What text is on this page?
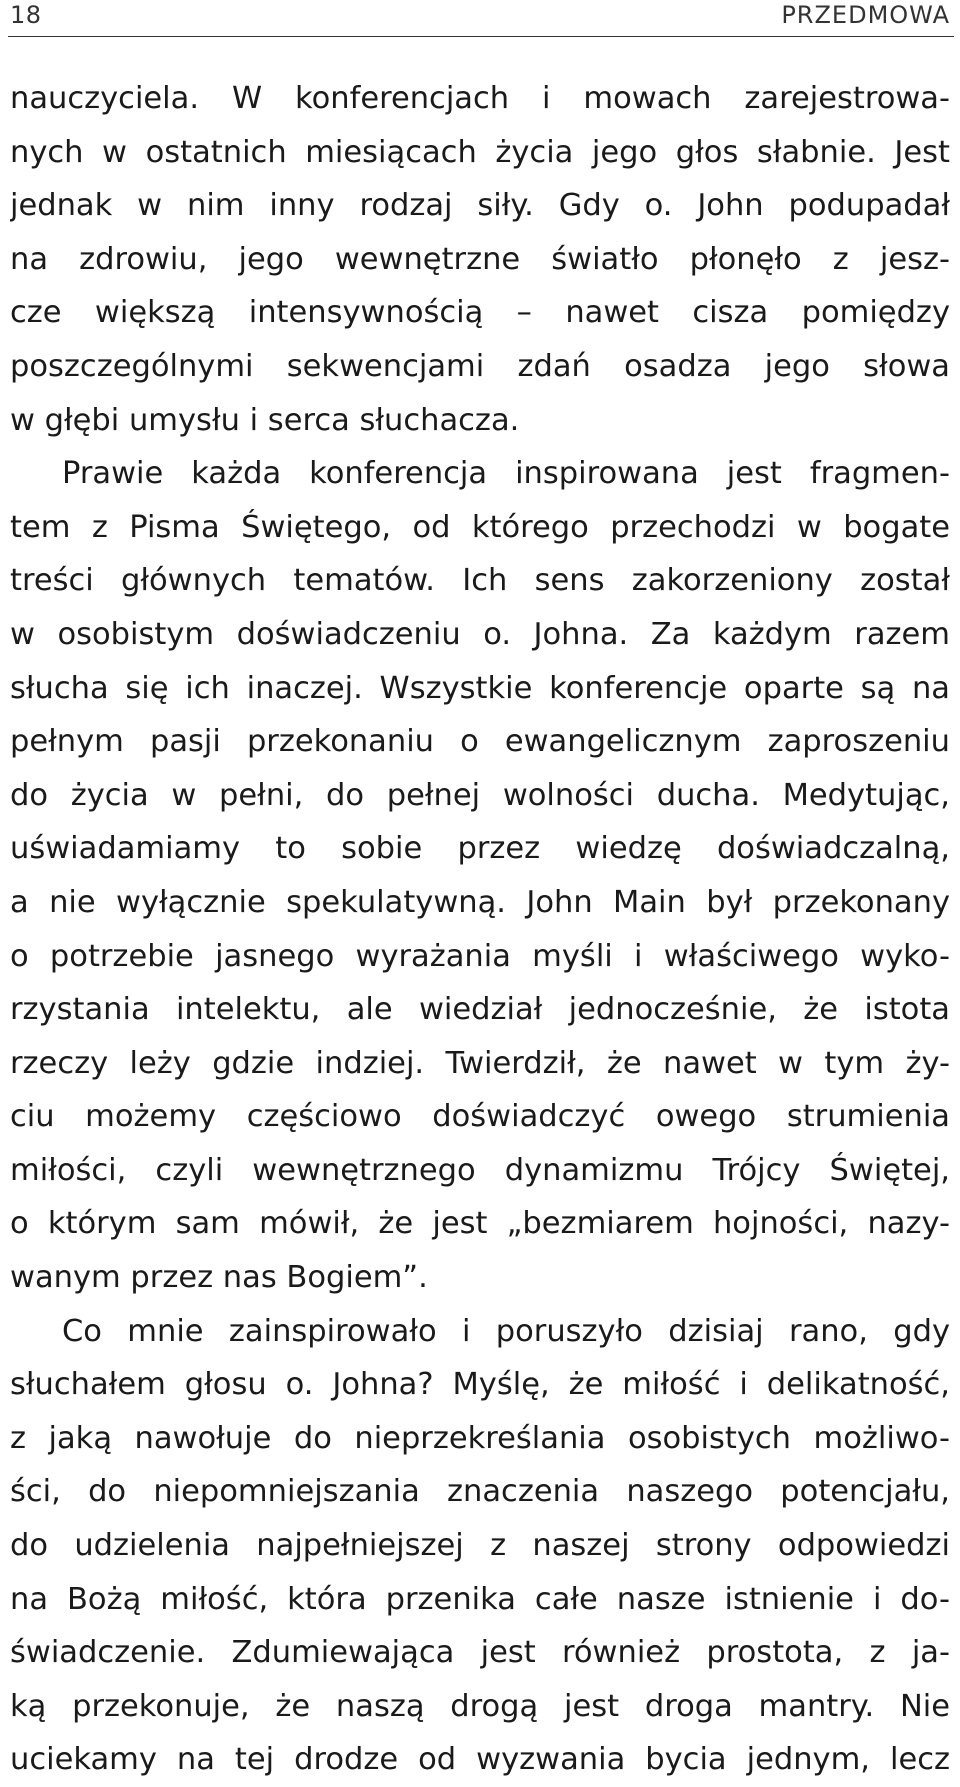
18	PRZEDMOWA
nauczyciela. W konferencjach i mowach zarejestrowa-
nych w ostatnich miesiącach życia jego głos słabnie. Jest
jednak w nim inny rodzaj siły. Gdy o. John podupadał
na zdrowiu, jego wewnętrzne światło płonęło z jesz-
cze większą intensywnością – nawet cisza pomiędzy
poszczególnymi sekwencjami zdań osadza jego słowa
w głębi umysłu i serca słuchacza.
Prawie każda konferencja inspirowana jest fragmen-
tem z Pisma Świętego, od którego przechodzi w bogate
treści głównych tematów. Ich sens zakorzeniony został
w osobistym doświadczeniu o. Johna. Za każdym razem
słucha się ich inaczej. Wszystkie konferencje oparte są na
pełnym pasji przekonaniu o ewangelicznym zaproszeniu
do życia w pełni, do pełnej wolności ducha. Medytując,
uświadamiamy to sobie przez wiedzę doświadczalną,
a nie wyłącznie spekulatywną. John Main był przekonany
o potrzebie jasnego wyrażania myśli i właściwego wyko-
rzystania intelektu, ale wiedział jednocześnie, że istota
rzeczy leży gdzie indziej. Twierdził, że nawet w tym ży-
ciu możemy częściowo doświadczyć owego strumienia
miłości, czyli wewnętrznego dynamizmu Trójcy Świętej,
o którym sam mówił, że jest „bezmiarem hojności, nazy-
wanym przez nas Bogiem”.
Co mnie zainspirowało i poruszyło dzisiaj rano, gdy
słuchałem głosu o. Johna? Myślę, że miłość i delikatność,
z jaką nawołuje do nieprzekreślania osobistych możliwo-
ści, do niepomniejszania znaczenia naszego potencjału,
do udzielenia najpełniejszej z naszej strony odpowiedzi
na Bożą miłość, która przenika całe nasze istnienie i do-
świadczenie. Zdumiewająca jest również prostota, z ja-
ką przekonuje, że naszą drogą jest droga mantry. Nie
uciekamy na tej drodze od wyzwania bycia jednym, lecz
